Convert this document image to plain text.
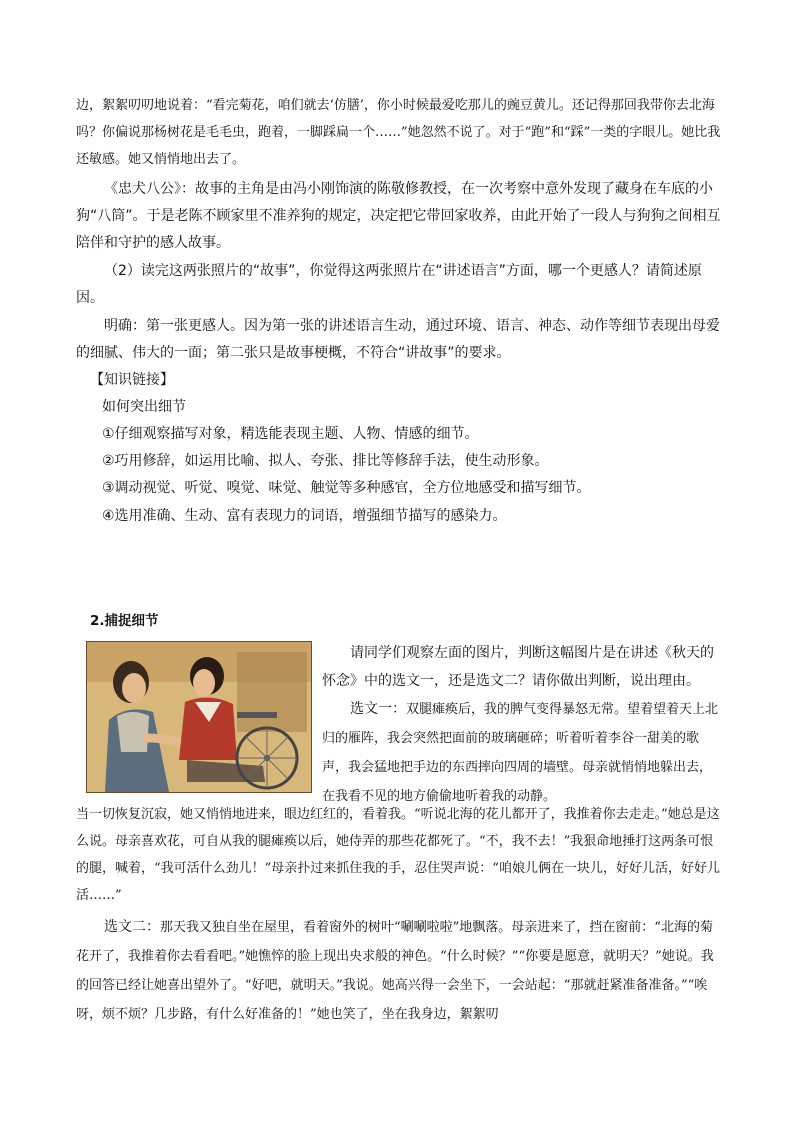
边，絮絮叨叨地说着：“看完菊花，咱们就去‘仿膳’，你小时候最爱吃那儿的豌豆黄儿。还记得那回我带你去北海吗？你偏说那杨树花是毛毛虫，跑着，一脚踩扁一个……”她忽然不说了。对于“跑”和“踩”一类的字眼儿。她比我还敏感。她又悄悄地出去了。

《忠犬八公》：故事的主角是由冯小刚饰演的陈敬修教授，在一次考察中意外发现了藏身在车底的小狗“八筒”。于是老陈不顾家里不准养狗的规定，决定把它带回家收养，由此开始了一段人与狗狗之间相互陪伴和守护的感人故事。

（2）读完这两张照片的“故事”，你觉得这两张照片在“讲述语言”方面，哪一个更感人？请简述原因。

明确：第一张更感人。因为第一张的讲述语言生动，通过环境、语言、神态、动作等细节表现出母爱的细腻、伟大的一面；第二张只是故事梗概，不符合“讲故事”的要求。

【知识链接】
如何突出细节
①仔细观察描写对象，精选能表现主题、人物、情感的细节。
②巧用修辞，如运用比喻、拟人、夸张、排比等修辞手法，使生动形象。
③调动视觉、听觉、嗅觉、味觉、触觉等多种感官，全方位地感受和描写细节。
④选用准确、生动、富有表现力的词语，增强细节描写的感染力。
2.捕捉细节

请同学们观察左面的图片，判断这幅图片是在讲述《秋天的怀念》中的选文一，还是选文二？请你做出判断，说出理由。

选文一：双腿瘫痪后，我的脾气变得暴怒无常。望着望着天上北归的雁阵，我会突然把面前的玻璃砸碎；听着听着李谷一甜美的歌声，我会猛地把手边的东西摔向四周的墙壁。母亲就悄悄地躲出去，在我看不见的地方偷偷地听着我的动静。

当一切恢复沉寂，她又悄悄地进来，眼边红红的，看着我。“听说北海的花儿都开了，我推着你去走走。”她总是这么说。母亲喜欢花，可自从我的腿瘫痪以后，她侍弄的那些花都死了。“不，我不去！”我狠命地捶打这两条可恨的腿，喊着，“我可活什么劲儿！”母亲扑过来抓住我的手，忍住哭声说：“咱娘儿俩在一块儿，好好儿活，好好儿活……”

选文二：那天我又独自坐在屋里，看着窗外的树叶“唰唰啦啦”地飘落。母亲进来了，挡在窗前：“北海的菊花开了，我推着你去看看吧。”她憔悴的脸上现出央求般的神色。“什么时候？”“你要是愿意，就明天？”她说。我的回答已经让她喜出望外了。“好吧，就明天。”我说。她高兴得一会坐下，一会站起：“那就赶紧准备准备。”“唉呀，烦不烦？几步路，有什么好准备的！”她也笑了，坐在我身边，絮絮叨
